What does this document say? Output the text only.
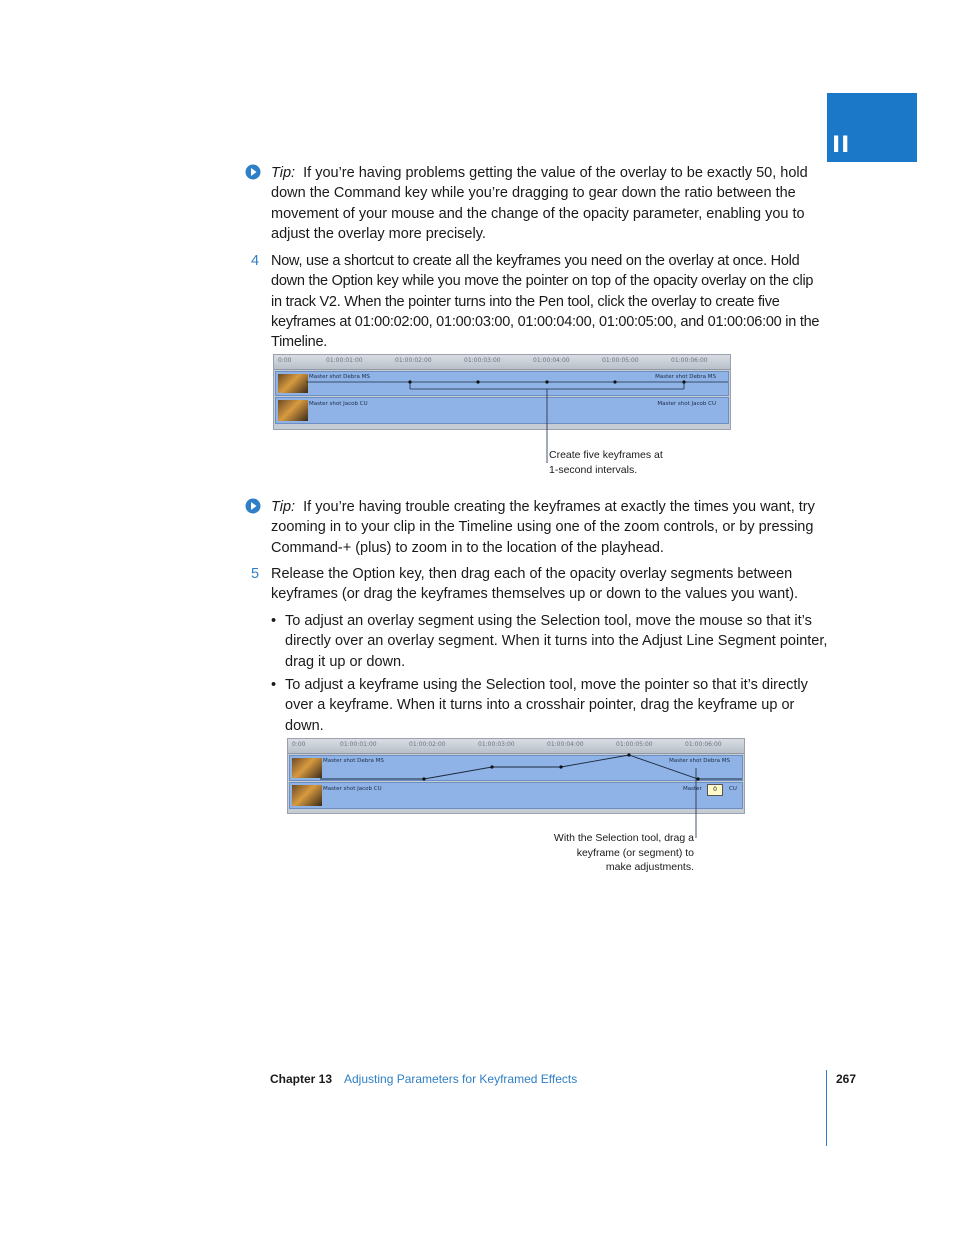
II
Tip: If you’re having problems getting the value of the overlay to be exactly 50, hold down the Command key while you’re dragging to gear down the ratio between the movement of your mouse and the change of the opacity parameter, enabling you to adjust the overlay more precisely.
4 Now, use a shortcut to create all the keyframes you need on the overlay at once. Hold down the Option key while you move the pointer on top of the opacity overlay on the clip in track V2. When the pointer turns into the Pen tool, click the overlay to create five keyframes at 01:00:02:00, 01:00:03:00, 01:00:04:00, 01:00:05:00, and 01:00:06:00 in the Timeline.
0:00	01:00:01:00	01:00:02:00	01:00:03:00	01:00:04:00	01:00:05:00	01:00:06:00
Master shot Debra MS	Master shot Debra MS
Master shot Jacob CU	Master shot Jacob CU
Create five keyframes at
1-second intervals.
Tip: If you’re having trouble creating the keyframes at exactly the times you want, try zooming in to your clip in the Timeline using one of the zoom controls, or by pressing Command-+ (plus) to zoom in to the location of the playhead.
5 Release the Option key, then drag each of the opacity overlay segments between keyframes (or drag the keyframes themselves up or down to the values you want).
• To adjust an overlay segment using the Selection tool, move the mouse so that it’s directly over an overlay segment. When it turns into the Adjust Line Segment pointer, drag it up or down.
• To adjust a keyframe using the Selection tool, move the pointer so that it’s directly over a keyframe. When it turns into a crosshair pointer, drag the keyframe up or down.
0:00	01:00:01:00	01:00:02:00	01:00:03:00	01:00:04:00	01:00:05:00	01:00:06:00
Master shot Debra MS	Master shot Debra MS
Master shot Jacob CU	Master	CU
0
With the Selection tool, drag a
keyframe (or segment) to
make adjustments.
Chapter 13 Adjusting Parameters for Keyframed Effects	267
